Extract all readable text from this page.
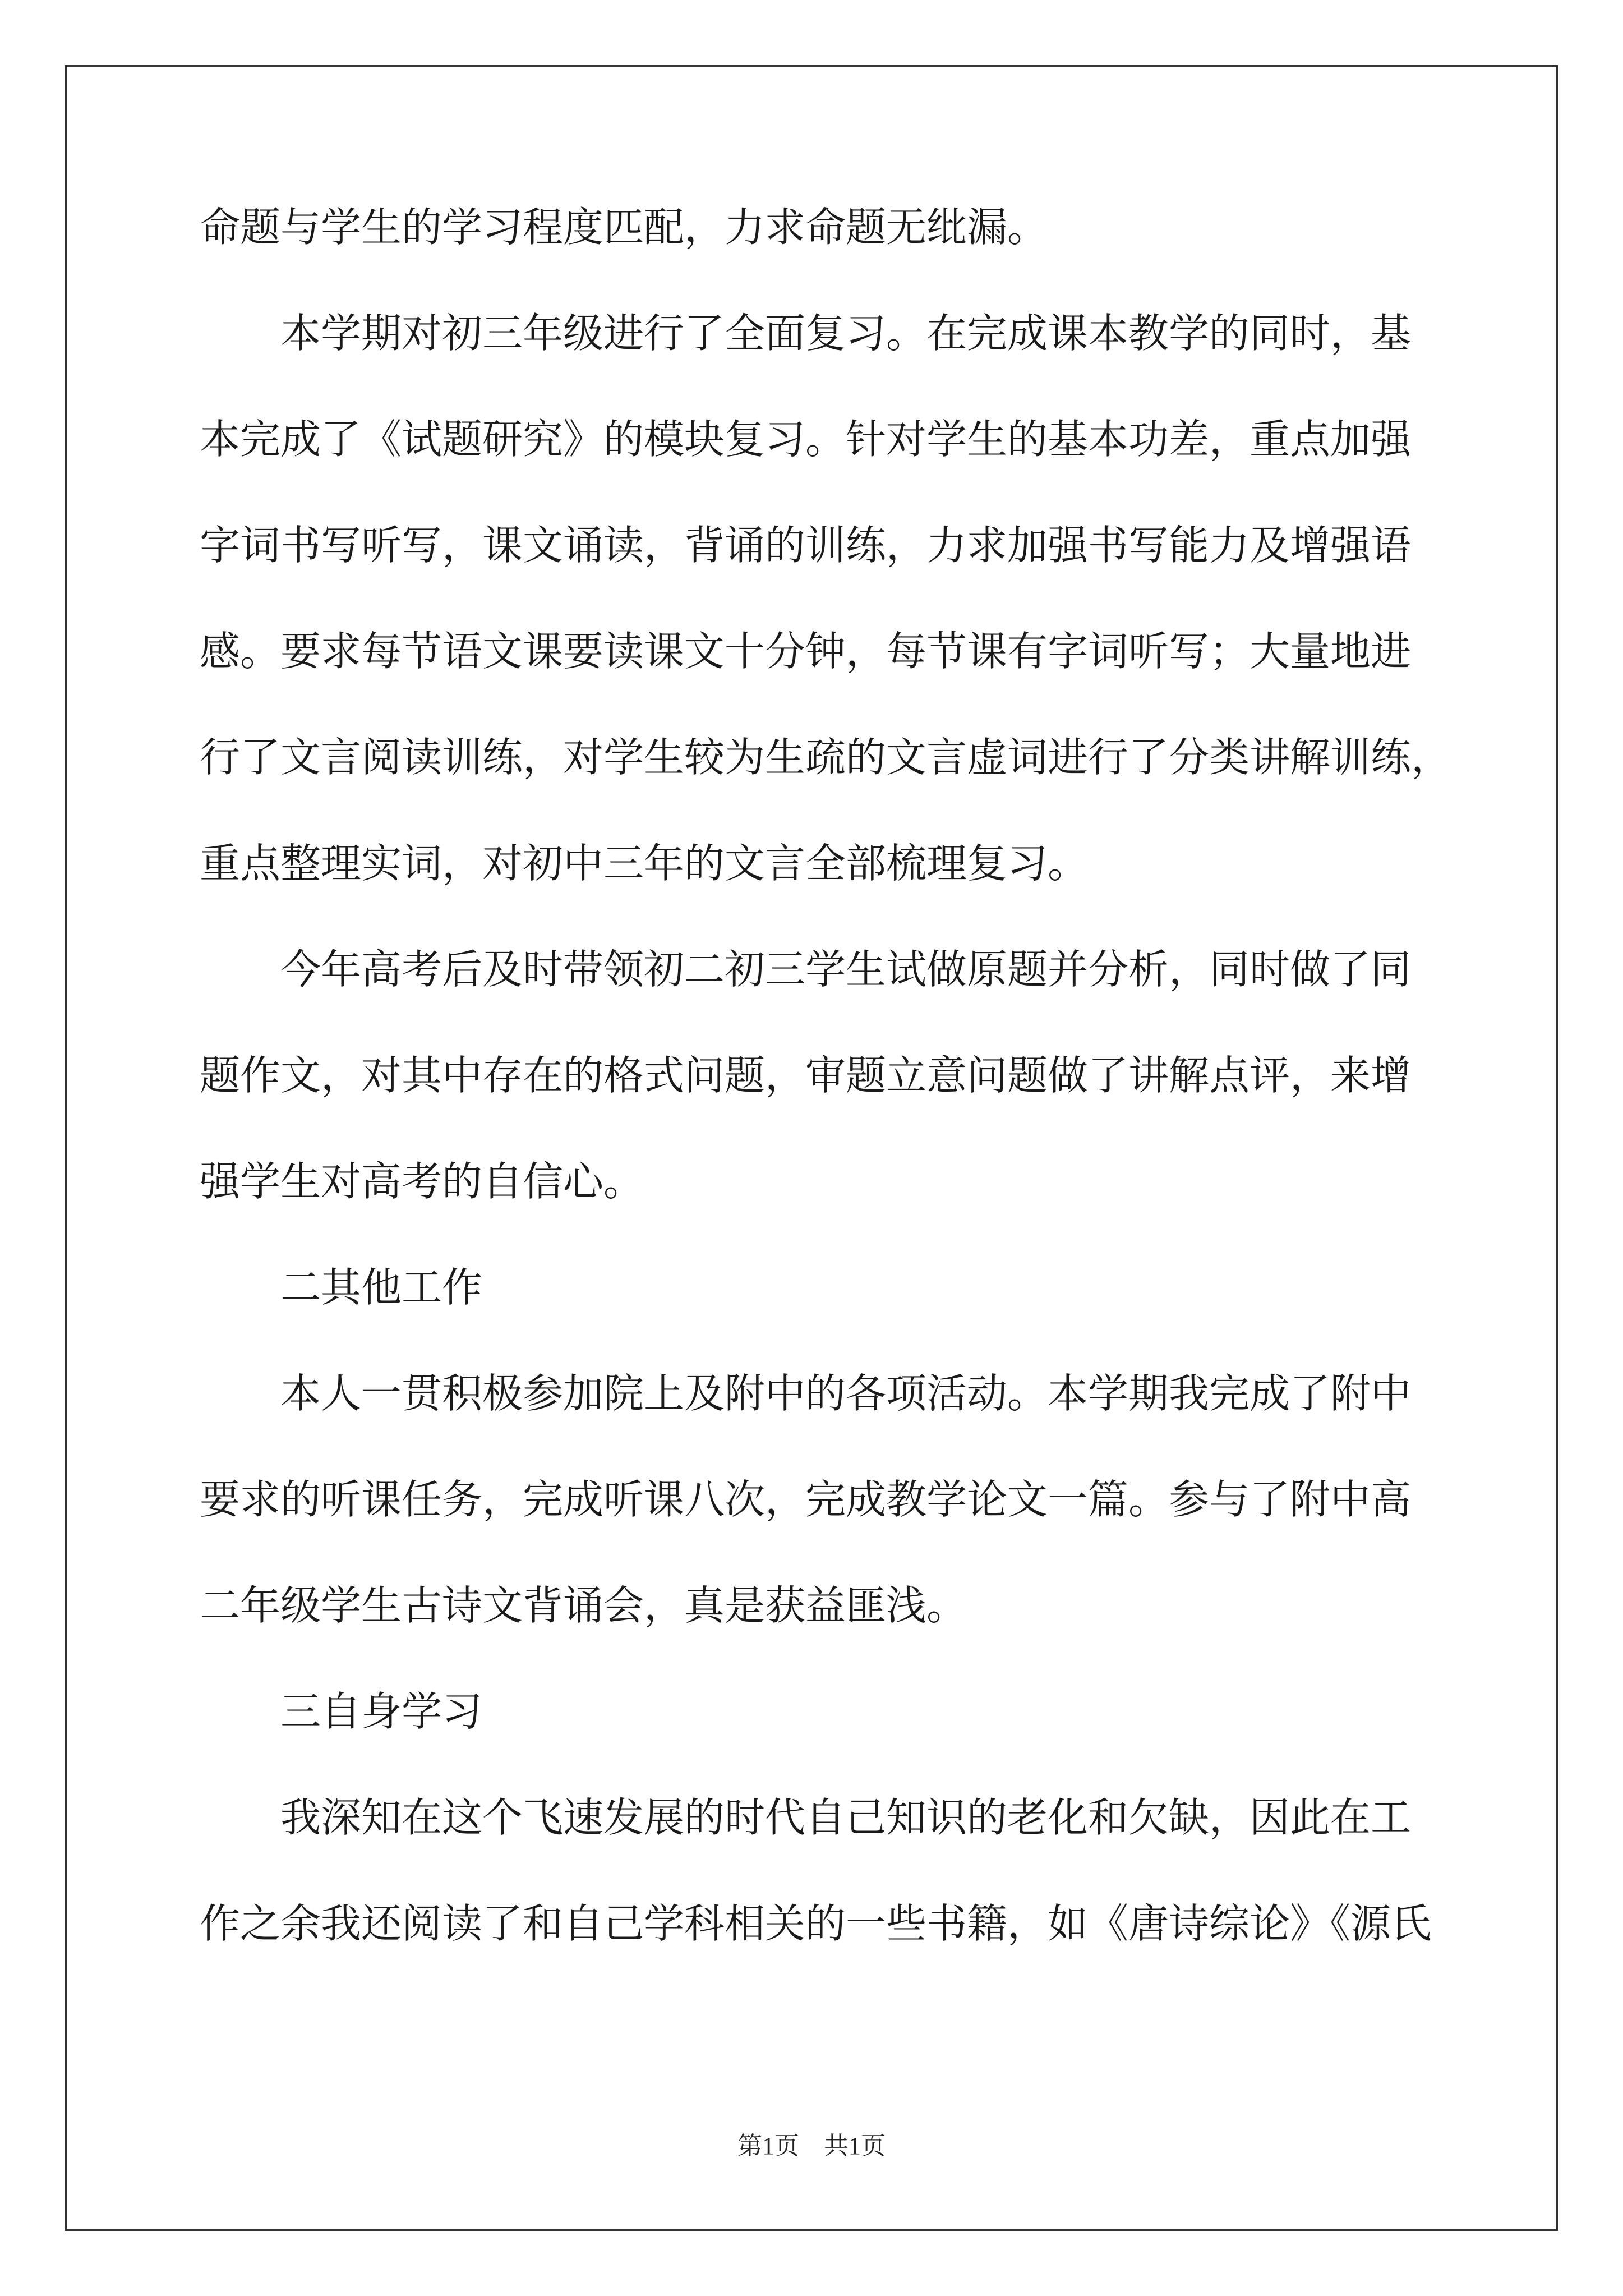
命题与学生的学习程度匹配，力求命题无纰漏。
本学期对初三年级进行了全面复习。在完成课本教学的同时，基
本完成了《试题研究》的模块复习。针对学生的基本功差，重点加强
字词书写听写，课文诵读，背诵的训练，力求加强书写能力及增强语
感。要求每节语文课要读课文十分钟，每节课有字词听写；大量地进
行了文言阅读训练，对学生较为生疏的文言虚词进行了分类讲解训练，
重点整理实词，对初中三年的文言全部梳理复习。
今年高考后及时带领初二初三学生试做原题并分析，同时做了同
题作文，对其中存在的格式问题，审题立意问题做了讲解点评，来增
强学生对高考的自信心。
二其他工作
本人一贯积极参加院上及附中的各项活动。本学期我完成了附中
要求的听课任务，完成听课八次，完成教学论文一篇。参与了附中高
二年级学生古诗文背诵会，真是获益匪浅。
三自身学习
我深知在这个飞速发展的时代自己知识的老化和欠缺，因此在工
作之余我还阅读了和自己学科相关的一些书籍，如《唐诗综论》《源氏
第1页　共1页
